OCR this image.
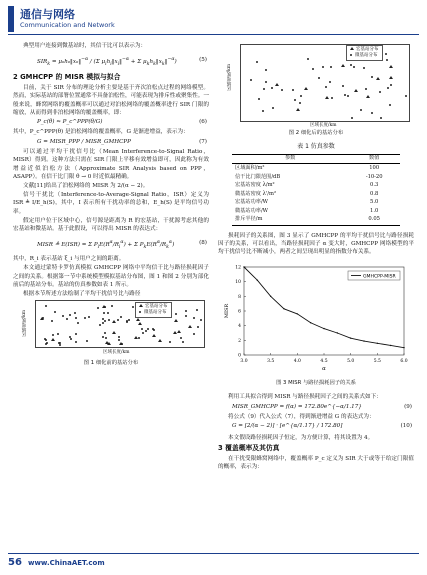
通信与网络
Communication and Network

典型用户连接到微基站时，其信干比可以表示为：

$SIR_k$ = μ₀h₀‖x₀‖$^{-\alpha}$ / (Σ $\mu_ih_i‖x_i‖^{-\alpha} + \Sigma$ $\mu_kh_k‖x_k‖^{-\alpha}$)	(5)
2 GMHCPP 的 MISR 模拟与拟合

目前，关于 SIR 分布的理论分析主要是基于齐次泊松点过程的网络模型。然而，实际基站的部署位置通常不具备泊松性，可能表现为排斥性或聚集性。一般来说，蜂窝网络的覆盖概率可以通过对泊松网络的覆盖概率进行 SIR 门限的缩放，从而得到非泊松网络的覆盖概率，即：

P_c(θ) ≈ P_c^PPP(θ/G)	(6)

其中，P_c^PPP(θ) 是泊松网络的覆盖概率，G 是渐进增益，表示为：

G = MISR_PPP / MISR_GMHCPP	(7)

可以通过平均干扰信号比（Mean Interference-to-Signal Ratio，MISR）得到。这种方法只需在 SIR 门限上平移有效增益即可，因此称为有效增益近似泊松方法（Approximate SIR Analysis based on PPP，ASAPP）。在信干比门限 θ → 0 时近似最精确。

文献[11]给出了泊松网络的 MISR 为 2/(α − 2)。

信号干扰比（Interference-to-Average-Signal Ratio，ISR）定义为 ISR ≜ I/E_h(S)，其中，I 表示所有干扰功率的总和，E_h(S) 是平均信号功率。

假定用户位于区域中心，信号源是距离为 R 的宏基站，干扰源考虑其他的宏基站和微基站。基于此假设，可以得出 MISR 的表达式：

MISR ≜ E(ISR) = Σ $P_iE(R^\alpha/R_i^\alpha) + \Sigma$ $P_kE(R^\alpha/R_k^\alpha)$	(8)

其中，R_i 表示基站 ξ_i 与用户之间的距离。

本文通过蒙特卡罗仿真模拟 GMHCPP 网络中平均信干比与路径损耗因子之间的关系。根据第一节中系统模型模拟基站分布图，图 1 和图 2 分别为部化前后的基站分布。基站的仿真参数如表 1 所示。

根据本节所述方法绘制了平均干扰信号比与路径

宏基站分布
微基站分布
区域宽度/km
区域长度/km
图 1 细化前的基站分布
宏基站分布
微基站分布
区域宽度/km
区域长度/km
图 2 细化后的基站分布
表 1 仿真参数
参数	数值
区域面积/m²	100
信干比门限范围/dB	-10-20
宏基站密度 λ/m²	0.3
微基站密度 λ'/m²	0.8
宏基站功率/W	5.0
微基站功率/W	1.0
排斥半径/m	0.05

损耗因子的关系图，图 3 显示了 GMHCPP 的平均干扰信号比与路径损耗因子的关系，可以看出，当路径损耗因子 α 变大时，GMHCPP 网络模型的平均干扰信号比不断减小，两者之间呈现出明显的指数分布关系。

3.0	3.5	4.0	4.5	5.0	5.5	6.0
0
2
4
6
8
10
12
GMHCPP-MISR
α
MISR
图 3 MISR 与路径损耗因子的关系

利用工具拟合得到 MISR 与路径损耗因子之间的关系式如下：

MISR_GMHCPP = f(α) = 172.80e^{−α/1.17}	(9)

将公式（9）代入公式（7），得到渐进增益 G 的表达式为：

G = [2/(α − 2)] · [e^{α/1.17} / 172.80]	(10)

本文假设路径损耗因子恒定，为方便计算，将其设置为 4。

3 覆盖概率及其仿真

在干扰受限蜂窝网络中，覆盖概率 P_c 定义为 SIR 大于或等于给定门限值的概率，表示为：

56 www.ChinaAET.com
